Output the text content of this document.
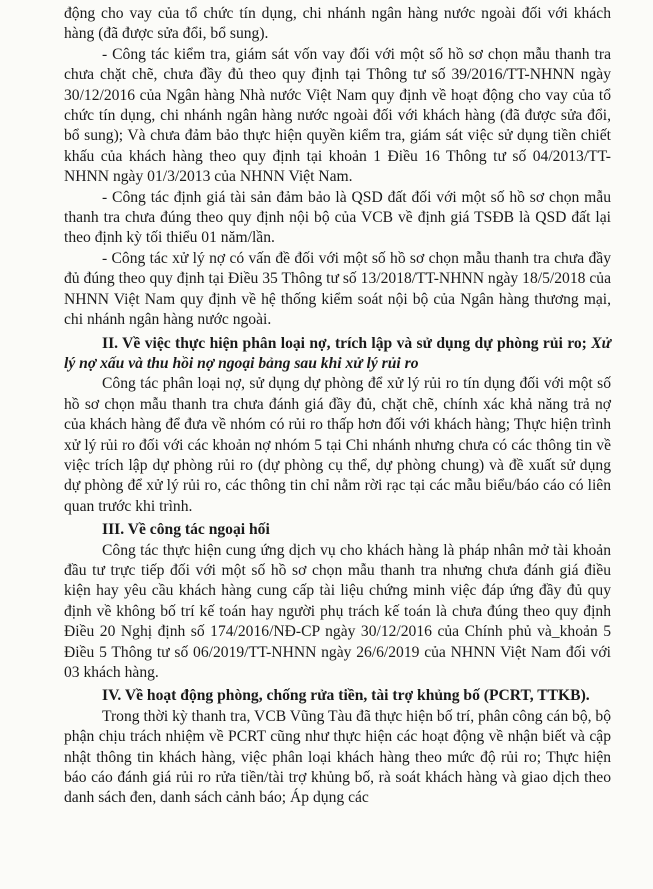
động cho vay của tổ chức tín dụng, chi nhánh ngân hàng nước ngoài đối với khách hàng (đã được sửa đổi, bổ sung).

- Công tác kiểm tra, giám sát vốn vay đối với một số hồ sơ chọn mẫu thanh tra chưa chặt chẽ, chưa đầy đủ theo quy định tại Thông tư số 39/2016/TT-NHNN ngày 30/12/2016 của Ngân hàng Nhà nước Việt Nam quy định về hoạt động cho vay của tổ chức tín dụng, chi nhánh ngân hàng nước ngoài đối với khách hàng (đã được sửa đổi, bổ sung); Và chưa đảm bảo thực hiện quyền kiểm tra, giám sát việc sử dụng tiền chiết khấu của khách hàng theo quy định tại khoản 1 Điều 16 Thông tư số 04/2013/TT-NHNN ngày 01/3/2013 của NHNN Việt Nam.

- Công tác định giá tài sản đảm bảo là QSD đất đối với một số hồ sơ chọn mẫu thanh tra chưa đúng theo quy định nội bộ của VCB về định giá TSĐB là QSD đất lại theo định kỳ tối thiểu 01 năm/lần.

- Công tác xử lý nợ có vấn đề đối với một số hồ sơ chọn mẫu thanh tra chưa đầy đủ đúng theo quy định tại Điều 35 Thông tư số 13/2018/TT-NHNN ngày 18/5/2018 của NHNN Việt Nam quy định về hệ thống kiểm soát nội bộ của Ngân hàng thương mại, chi nhánh ngân hàng nước ngoài.

II. Về việc thực hiện phân loại nợ, trích lập và sử dụng dự phòng rủi ro; Xử lý nợ xấu và thu hồi nợ ngoại bảng sau khi xử lý rủi ro

Công tác phân loại nợ, sử dụng dự phòng để xử lý rủi ro tín dụng đối với một số hồ sơ chọn mẫu thanh tra chưa đánh giá đầy đủ, chặt chẽ, chính xác khả năng trả nợ của khách hàng để đưa về nhóm có rủi ro thấp hơn đối với khách hàng; Thực hiện trình xử lý rủi ro đối với các khoản nợ nhóm 5 tại Chi nhánh nhưng chưa có các thông tin về việc trích lập dự phòng rủi ro (dự phòng cụ thể, dự phòng chung) và đề xuất sử dụng dự phòng để xử lý rủi ro, các thông tin chỉ nằm rời rạc tại các mẫu biểu/báo cáo có liên quan trước khi trình.

III. Về công tác ngoại hối

Công tác thực hiện cung ứng dịch vụ cho khách hàng là pháp nhân mở tài khoản đầu tư trực tiếp đối với một số hồ sơ chọn mẫu thanh tra nhưng chưa đánh giá điều kiện hay yêu cầu khách hàng cung cấp tài liệu chứng minh việc đáp ứng đầy đủ quy định về không bố trí kế toán hay người phụ trách kế toán là chưa đúng theo quy định Điều 20 Nghị định số 174/2016/NĐ-CP ngày 30/12/2016 của Chính phủ và_khoản 5 Điều 5 Thông tư số 06/2019/TT-NHNN ngày 26/6/2019 của NHNN Việt Nam đối với 03 khách hàng.

IV. Về hoạt động phòng, chống rửa tiền, tài trợ khủng bố (PCRT, TTKB).

Trong thời kỳ thanh tra, VCB Vũng Tàu đã thực hiện bố trí, phân công cán bộ, bộ phận chịu trách nhiệm về PCRT cũng như thực hiện các hoạt động về nhận biết và cập nhật thông tin khách hàng, việc phân loại khách hàng theo mức độ rủi ro; Thực hiện báo cáo đánh giá rủi ro rửa tiền/tài trợ khủng bố, rà soát khách hàng và giao dịch theo danh sách đen, danh sách cảnh báo; Áp dụng các
